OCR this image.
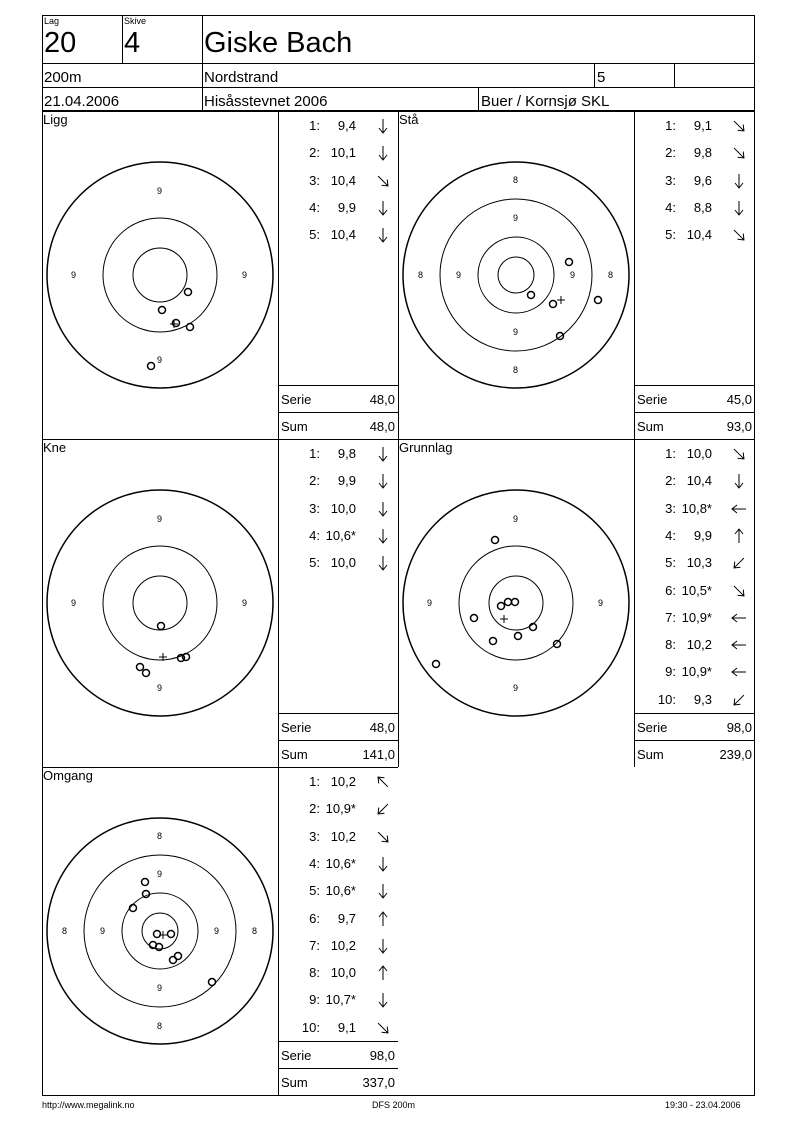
Lag
20
Skive
4 Giske Bach
200m	Nordstrand	5
21.04.2006	Hisåsstevnet 2006	Buer / Kornsjø SKL
Ligg	Stå
Kne	Grunnlag
Omgang
Serie	48,0
Sum	48,0
Serie	45,0
Sum	93,0
Serie	48,0
Sum	141,0
Serie	98,0
Sum	239,0
Serie	98,0
Sum	337,0
9
9
9	9
8
8
8	8
9
9
9	9
9
9
9	9
9
9
9	9
8
8
8	8
9
9
9	9
http://www.megalink.no	DFS 200m	19:30 - 23.04.2006
1:	9,4
2: 10,1
3: 10,4
4:	9,9
5: 10,4
1:	9,1
2:	9,8
3:	9,6
4:	8,8
5: 10,4
1:	9,8
2:	9,9
3: 10,0
4: 10,6*
5: 10,0
1: 10,0
2: 10,4
3: 10,8*
4:	9,9
5: 10,3
6: 10,5*
7: 10,9*
8: 10,2
9: 10,9*
10:	9,3
1: 10,2
2: 10,9*
3: 10,2
4: 10,6*
5: 10,6*
6:	9,7
7: 10,2
8: 10,0
9: 10,7*
10:	9,1
